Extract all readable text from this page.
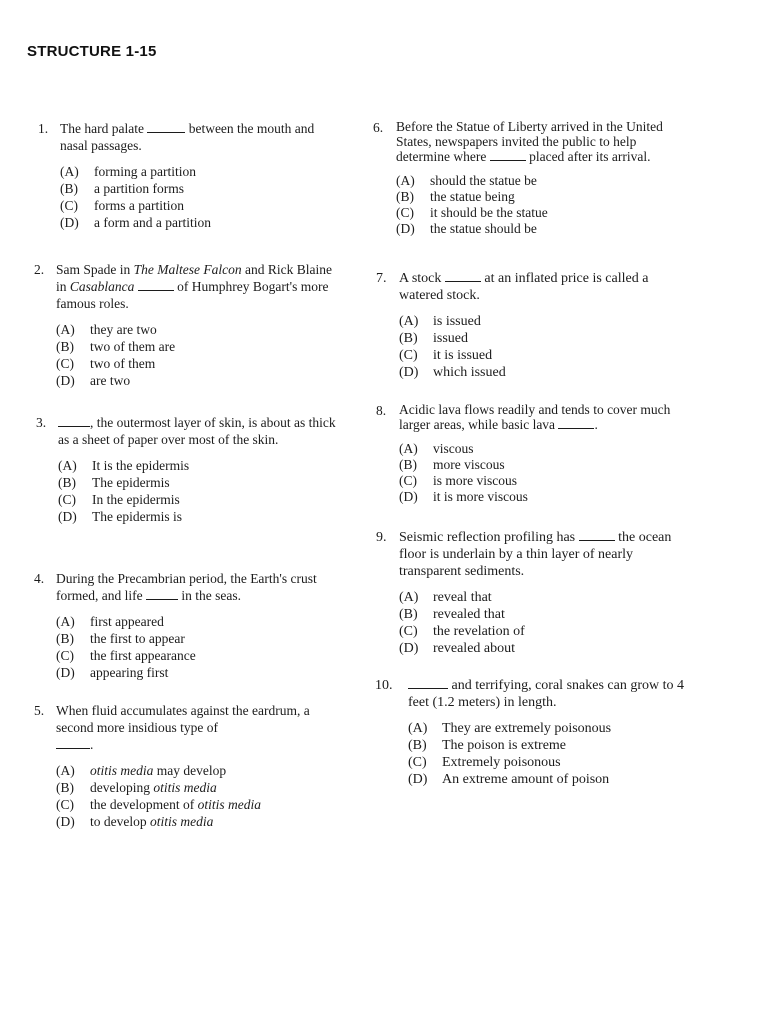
STRUCTURE 1-15
1. The hard palate	between the mouth and nasal passages.
(A)	forming a partition
(B)	a partition forms
(C)	forms a partition
(D)	a form and a partition
2. Sam Spade in The Maltese Falcon and Rick Blaine in Casablanca	of Humphrey Bogart's more famous roles.
(A)	they are two
(B)	two of them are
(C)	two of them
(D)	are two
3.	, the outermost layer of skin, is about as thick as a sheet of paper over most of the skin.
(A)	It is the epidermis
(B)	The epidermis
(C)	In the epidermis
(D)	The epidermis is
4. During the Precambrian period, the Earth's crust formed, and life  in the seas.
(A)	first appeared
(B)	the first to appear
(C)	the first appearance
(D)	appearing first
5. When fluid accumulates against the eardrum, a second more insidious type of
.
(A)	otitis media may develop
(B)	developing otitis media
(C)	the development of otitis media
(D)	to develop otitis media
6. Before the Statue of Liberty arrived in the United States, newspapers invited the public to help determine where	placed after its arrival.
(A)	should the statue be
(B)	the statue being
(C)	it should be the statue
(D)	the statue should be
7. A stock	at an inflated price is called a watered stock.
(A)	is issued
(B)	issued
(C)	it is issued
(D)	which issued
8. Acidic lava flows readily and tends to cover much larger areas, while basic lava	.
(A)	viscous
(B)	more viscous
(C)	is more viscous
(D)	it is more viscous
9. Seismic reflection profiling has	the ocean floor is underlain by a thin layer of nearly transparent sediments.
(A)	reveal that
(B)	revealed that
(C)	the revelation of
(D)	revealed about
10.	and terrifying, coral snakes can grow to 4 feet (1.2 meters) in length.
(A)	They are extremely poisonous
(B)	The poison is extreme
(C)	Extremely poisonous
(D)	An extreme amount of poison
